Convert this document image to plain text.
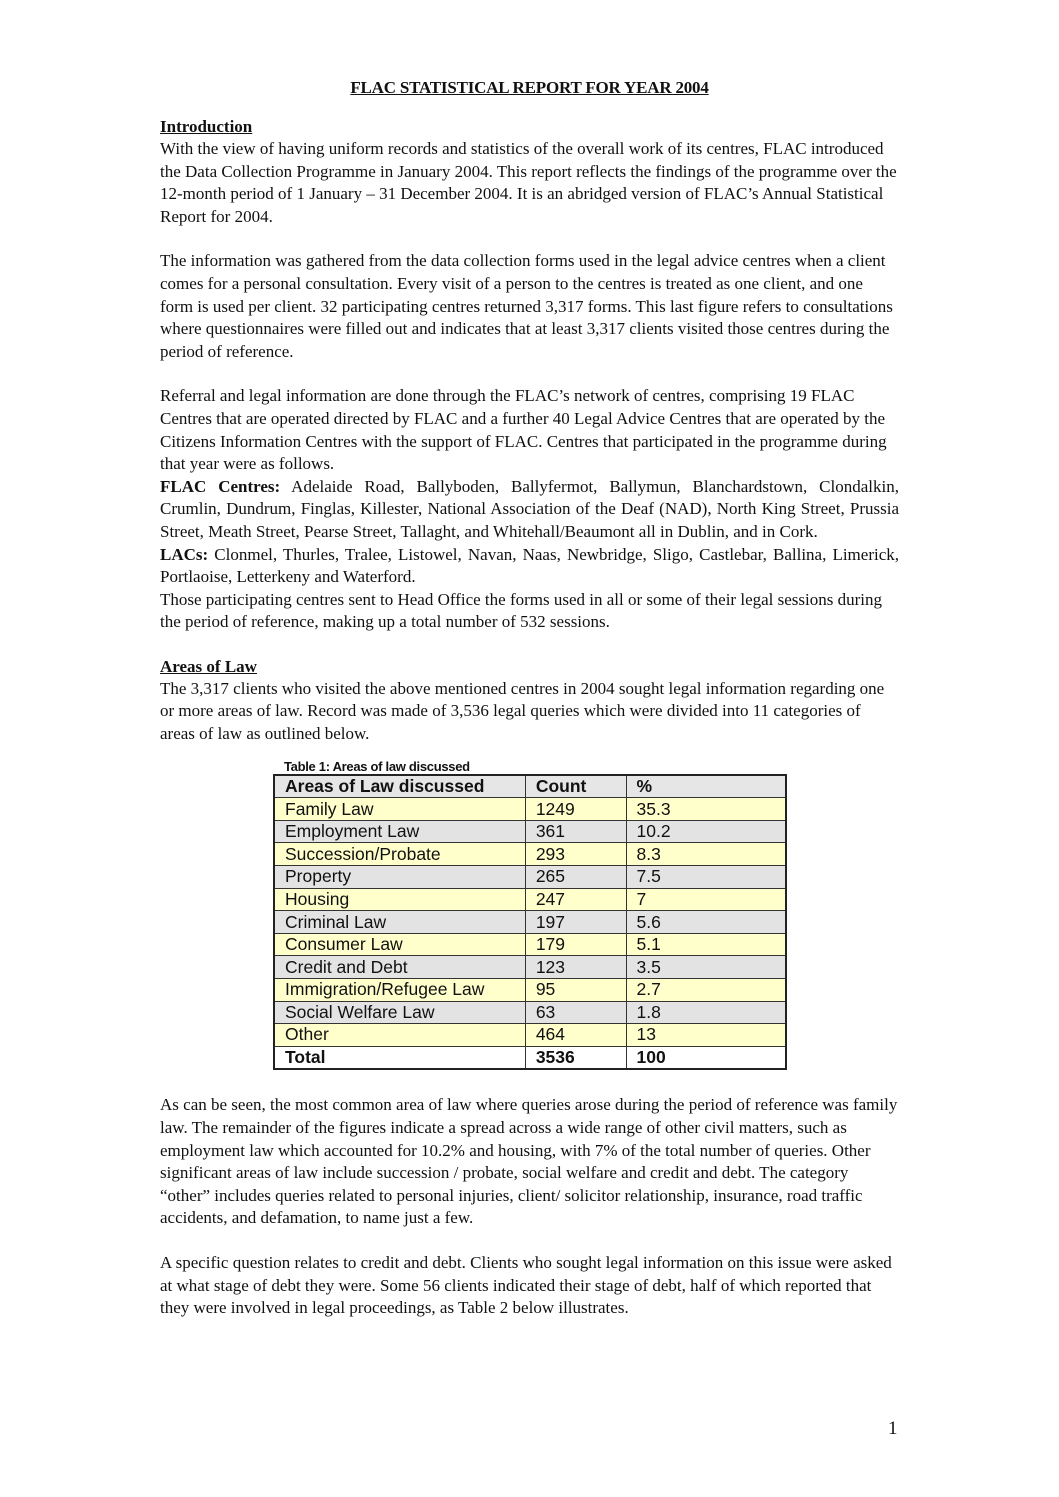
FLAC STATISTICAL REPORT FOR YEAR 2004
Introduction

With the view of having uniform records and statistics of the overall work of its centres, FLAC introduced the Data Collection Programme in January 2004. This report reflects the findings of the programme over the 12-month period of 1 January – 31 December 2004. It is an abridged version of FLAC’s Annual Statistical Report for 2004.

The information was gathered from the data collection forms used in the legal advice centres when a client comes for a personal consultation. Every visit of a person to the centres is treated as one client, and one form is used per client. 32 participating centres returned 3,317 forms. This last figure refers to consultations where questionnaires were filled out and indicates that at least 3,317 clients visited those centres during the period of reference.

Referral and legal information are done through the FLAC’s network of centres, comprising 19 FLAC Centres that are operated directed by FLAC and a further 40 Legal Advice Centres that are operated by the Citizens Information Centres with the support of FLAC. Centres that participated in the programme during that year were as follows.

FLAC Centres: Adelaide Road, Ballyboden, Ballyfermot, Ballymun, Blanchardstown, Clondalkin, Crumlin, Dundrum, Finglas, Killester, National Association of the Deaf (NAD), North King Street, Prussia Street, Meath Street, Pearse Street, Tallaght, and Whitehall/Beaumont all in Dublin, and in Cork.

LACs: Clonmel, Thurles, Tralee, Listowel, Navan, Naas, Newbridge, Sligo, Castlebar, Ballina, Limerick, Portlaoise, Letterkeny and Waterford.

Those participating centres sent to Head Office the forms used in all or some of their legal sessions during the period of reference, making up a total number of 532 sessions.

Areas of Law

The 3,317 clients who visited the above mentioned centres in 2004 sought legal information regarding one or more areas of law. Record was made of 3,536 legal queries which were divided into 11 categories of areas of law as outlined below.

Table 1: Areas of law discussed
Areas of Law discussed	Count	%
Family Law	1249	35.3
Employment Law	361	10.2
Succession/Probate	293	8.3
Property	265	7.5
Housing	247	7
Criminal Law	197	5.6
Consumer Law	179	5.1
Credit and Debt	123	3.5
Immigration/Refugee Law	95	2.7
Social Welfare Law	63	1.8
Other	464	13
Total	3536	100

As can be seen, the most common area of law where queries arose during the period of reference was family law. The remainder of the figures indicate a spread across a wide range of other civil matters, such as employment law which accounted for 10.2% and housing, with 7% of the total number of queries. Other significant areas of law include succession / probate, social welfare and credit and debt. The category “other” includes queries related to personal injuries, client/ solicitor relationship, insurance, road traffic accidents, and defamation, to name just a few.

A specific question relates to credit and debt. Clients who sought legal information on this issue were asked at what stage of debt they were. Some 56 clients indicated their stage of debt, half of which reported that they were involved in legal proceedings, as Table 2 below illustrates.

1
